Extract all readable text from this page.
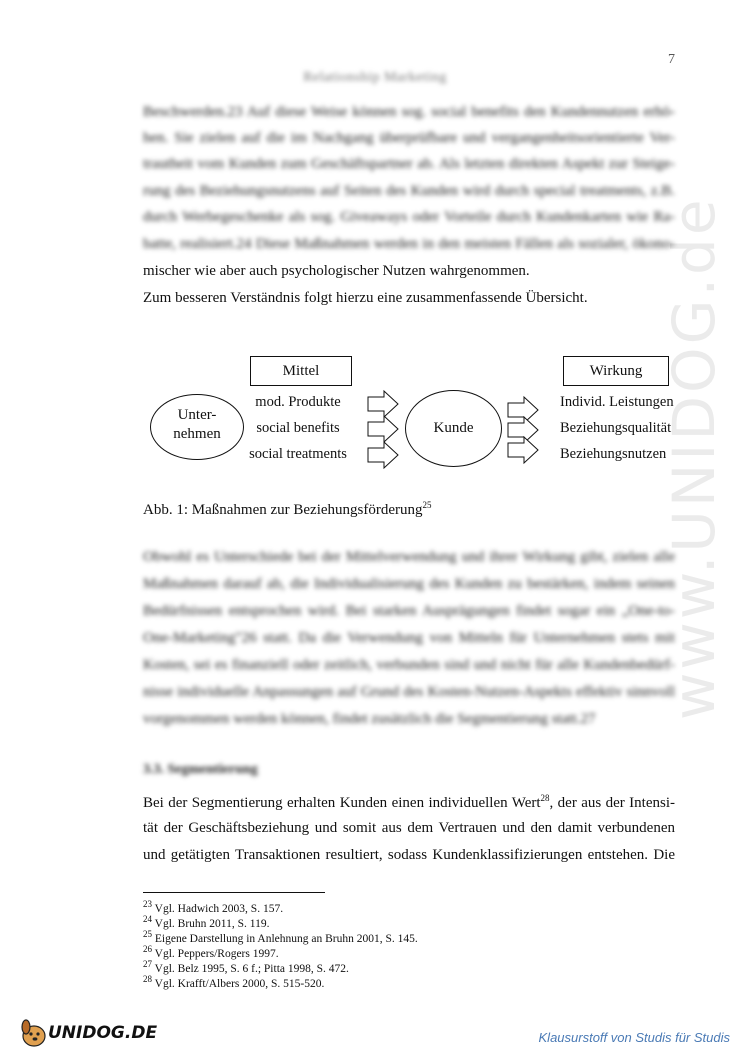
www.UNIDOG.de
7
Relationship Marketing
Beschwerden.23 Auf diese Weise können sog. social benefits den Kundennutzen erhö-
hen. Sie zielen auf die im Nachgang überprüfbare und vergangenheitsorientierte Ver-
trautheit vom Kunden zum Geschäftspartner ab. Als letzten direkten Aspekt zur Steige-
rung des Beziehungsnutzens auf Seiten des Kunden wird durch special treatments, z.B.
durch Werbegeschenke als sog. Giveaways oder Vorteile durch Kundenkarten wie Ra-
batte, realisiert.24 Diese Maßnahmen werden in den meisten Fällen als sozialer, ökono-
mischer wie aber auch psychologischer Nutzen wahrgenommen.
Zum besseren Verständnis folgt hierzu eine zusammenfassende Übersicht.
Mittel	Wirkung
Unter-
nehmen
mod. Produkte
social benefits
social treatments
Kunde
Individ. Leistungen
Beziehungsqualität
Beziehungsnutzen
Abb. 1: Maßnahmen zur Beziehungsförderung$^{25}$
Obwohl es Unterschiede bei der Mittelverwendung und ihrer Wirkung gibt, zielen alle
Maßnahmen darauf ab, die Individualisierung des Kunden zu bestärken, indem seinen
Bedürfnissen entsprochen wird. Bei starken Ausprägungen findet sogar ein „One-to-
One-Marketing"26 statt. Da die Verwendung von Mitteln für Unternehmen stets mit
Kosten, sei es finanziell oder zeitlich, verbunden sind und nicht für alle Kundenbedürf-
nisse individuelle Anpassungen auf Grund des Kosten-Nutzen-Aspekts effektiv sinnvoll
vorgenommen werden können, findet zusätzlich die Segmentierung statt.27
3.3. Segmentierung
Bei der Segmentierung erhalten Kunden einen individuellen Wert$^{28}$, der aus der Intensi-
tät der Geschäftsbeziehung und somit aus dem Vertrauen und den damit verbundenen
und getätigten Transaktionen resultiert, sodass Kundenklassifizierungen entstehen. Die
$^{23}$ Vgl. Hadwich 2003, S. 157.
$^{24}$ Vgl. Bruhn 2011, S. 119.
$^{25}$ Eigene Darstellung in Anlehnung an Bruhn 2001, S. 145.
$^{26}$ Vgl. Peppers/Rogers 1997.
$^{27}$ Vgl. Belz 1995, S. 6 f.; Pitta 1998, S. 472.
$^{28}$ Vgl. Krafft/Albers 2000, S. 515-520.
UNIDOG.DE	Klausurstoff von Studis für Studis
